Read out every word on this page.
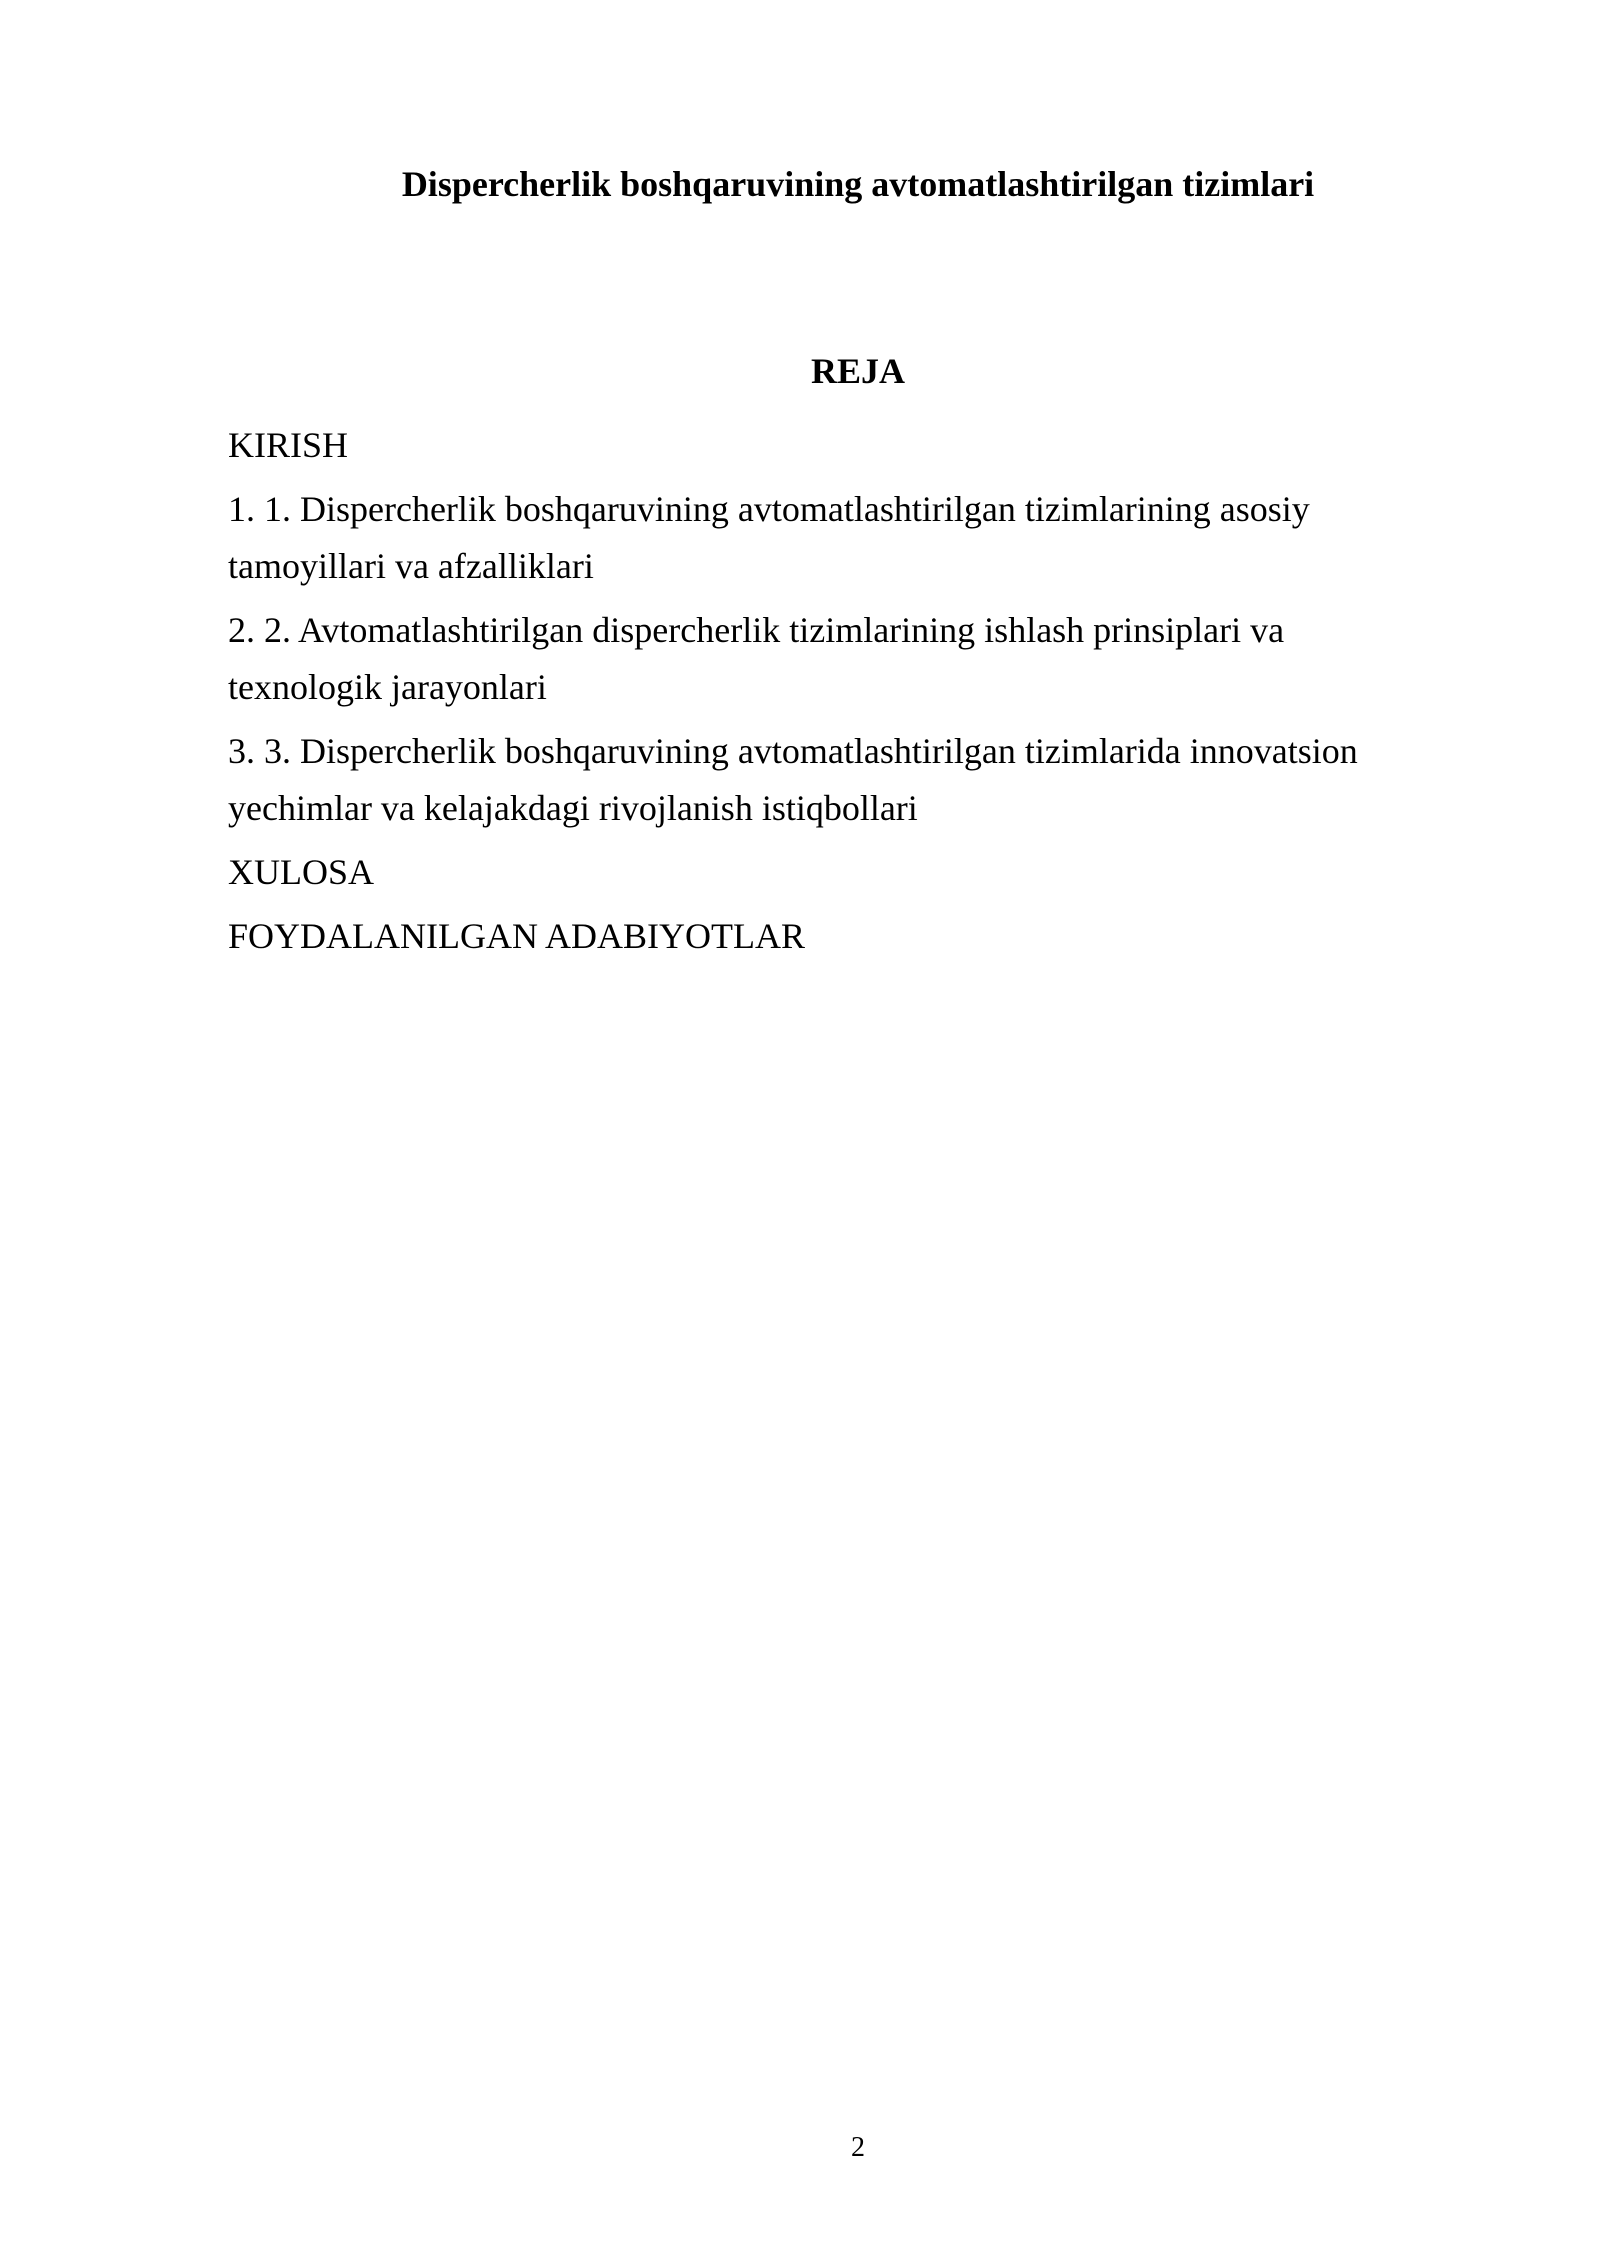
Dispercherlik boshqaruvining avtomatlashtirilgan tizimlari
REJA
KIRISH
1. 1. Dispercherlik boshqaruvining avtomatlashtirilgan tizimlarining asosiy tamoyillari va afzalliklari
2. 2. Avtomatlashtirilgan dispercherlik tizimlarining ishlash prinsiplari va texnologik jarayonlari
3. 3. Dispercherlik boshqaruvining avtomatlashtirilgan tizimlarida innovatsion yechimlar va kelajakdagi rivojlanish istiqbollari
XULOSA
FOYDALANILGAN ADABIYOTLAR
2
